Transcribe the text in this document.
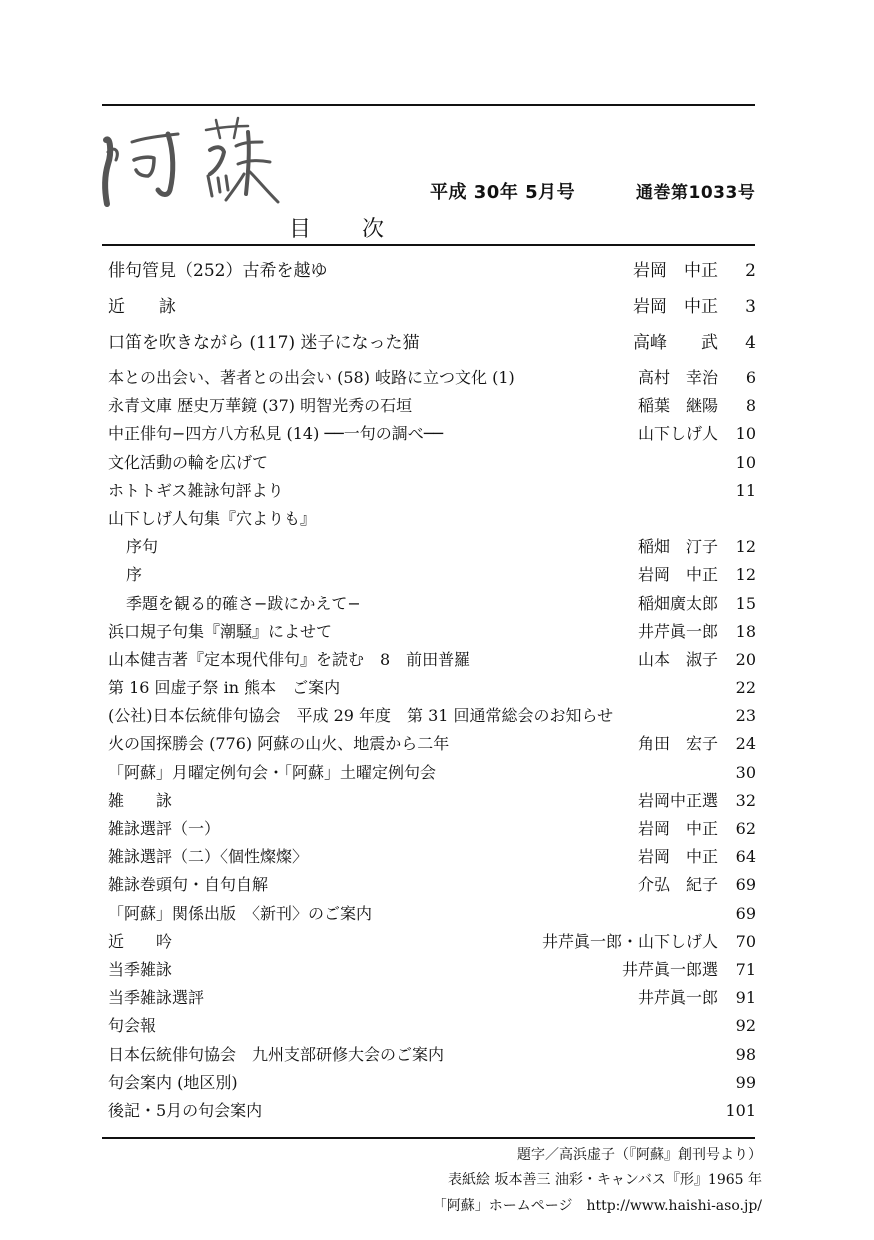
平成 30年 5月号	通巻第1033号
目 次
俳句管見（252）古希を越ゆ	岩岡　中正	2
近　　詠	岩岡　中正	3
口笛を吹きながら (117) 迷子になった猫	高峰　　武	4
本との出会い、著者との出会い (58) 岐路に立つ文化 (1)	高村　幸治	6
永青文庫 歴史万華鏡 (37) 明智光秀の石垣	稲葉　継陽	8
中正俳句−四方八方私見 (14) ──一句の調べ──	山下しげ人	10
文化活動の輪を広げて	10
ホトトギス雑詠句評より	11
山下しげ人句集『穴よりも』
序句	稲畑　汀子	12
序	岩岡　中正	12
季題を観る的確さ−跋にかえて−	稲畑廣太郎	15
浜口規子句集『潮騒』によせて	井芹眞一郎	18
山本健吉著『定本現代俳句』を読む　8　前田普羅	山本　淑子	20
第 16 回虚子祭 in 熊本　ご案内	22
(公社)日本伝統俳句協会　平成 29 年度　第 31 回通常総会のお知らせ	23
火の国探勝会 (776) 阿蘇の山火、地震から二年	角田　宏子	24
「阿蘇」月曜定例句会・「阿蘇」土曜定例句会	30
雑　　詠	岩岡中正選	32
雑詠選評（一）	岩岡　中正	62
雑詠選評（二）〈個性燦燦〉	岩岡　中正	64
雑詠巻頭句・自句自解	介弘　紀子	69
「阿蘇」関係出版　〈新刊〉のご案内	69
近　　吟	井芹眞一郎・山下しげ人	70
当季雑詠	井芹眞一郎選	71
当季雑詠選評	井芹眞一郎	91
句会報	92
日本伝統俳句協会　九州支部研修大会のご案内	98
句会案内 (地区別)	99
後記・5月の句会案内	101
題字／高浜虚子（『阿蘇』創刊号より）
表紙絵 坂本善三 油彩・キャンバス『形』1965 年
「阿蘇」ホームページ　http://www.haishi-aso.jp/
